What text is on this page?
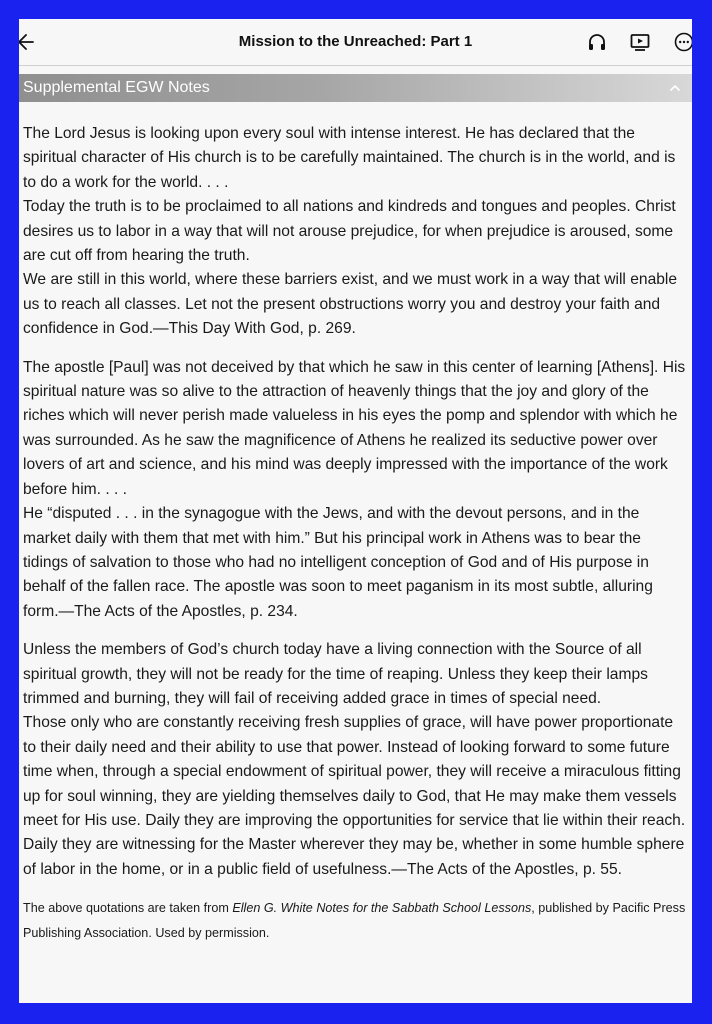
Mission to the Unreached: Part 1
Supplemental EGW Notes

The Lord Jesus is looking upon every soul with intense interest. He has declared that the spiritual character of His church is to be carefully maintained. The church is in the world, and is to do a work for the world. . . .
Today the truth is to be proclaimed to all nations and kindreds and tongues and peoples. Christ desires us to labor in a way that will not arouse prejudice, for when prejudice is aroused, some are cut off from hearing the truth.
We are still in this world, where these barriers exist, and we must work in a way that will enable us to reach all classes. Let not the present obstructions worry you and destroy your faith and confidence in God.—This Day With God, p. 269.

The apostle [Paul] was not deceived by that which he saw in this center of learning [Athens]. His spiritual nature was so alive to the attraction of heavenly things that the joy and glory of the riches which will never perish made valueless in his eyes the pomp and splendor with which he was surrounded. As he saw the magnificence of Athens he realized its seductive power over lovers of art and science, and his mind was deeply impressed with the importance of the work before him. . . .
He “disputed . . . in the synagogue with the Jews, and with the devout persons, and in the market daily with them that met with him.” But his principal work in Athens was to bear the tidings of salvation to those who had no intelligent conception of God and of His purpose in behalf of the fallen race. The apostle was soon to meet paganism in its most subtle, alluring form.—The Acts of the Apostles, p. 234.

Unless the members of God’s church today have a living connection with the Source of all spiritual growth, they will not be ready for the time of reaping. Unless they keep their lamps trimmed and burning, they will fail of receiving added grace in times of special need.
Those only who are constantly receiving fresh supplies of grace, will have power proportionate to their daily need and their ability to use that power. Instead of looking forward to some future time when, through a special endowment of spiritual power, they will receive a miraculous fitting up for soul winning, they are yielding themselves daily to God, that He may make them vessels meet for His use. Daily they are improving the opportunities for service that lie within their reach. Daily they are witnessing for the Master wherever they may be, whether in some humble sphere of labor in the home, or in a public field of usefulness.—The Acts of the Apostles, p. 55.

The above quotations are taken from Ellen G. White Notes for the Sabbath School Lessons, published by Pacific Press Publishing Association. Used by permission.
